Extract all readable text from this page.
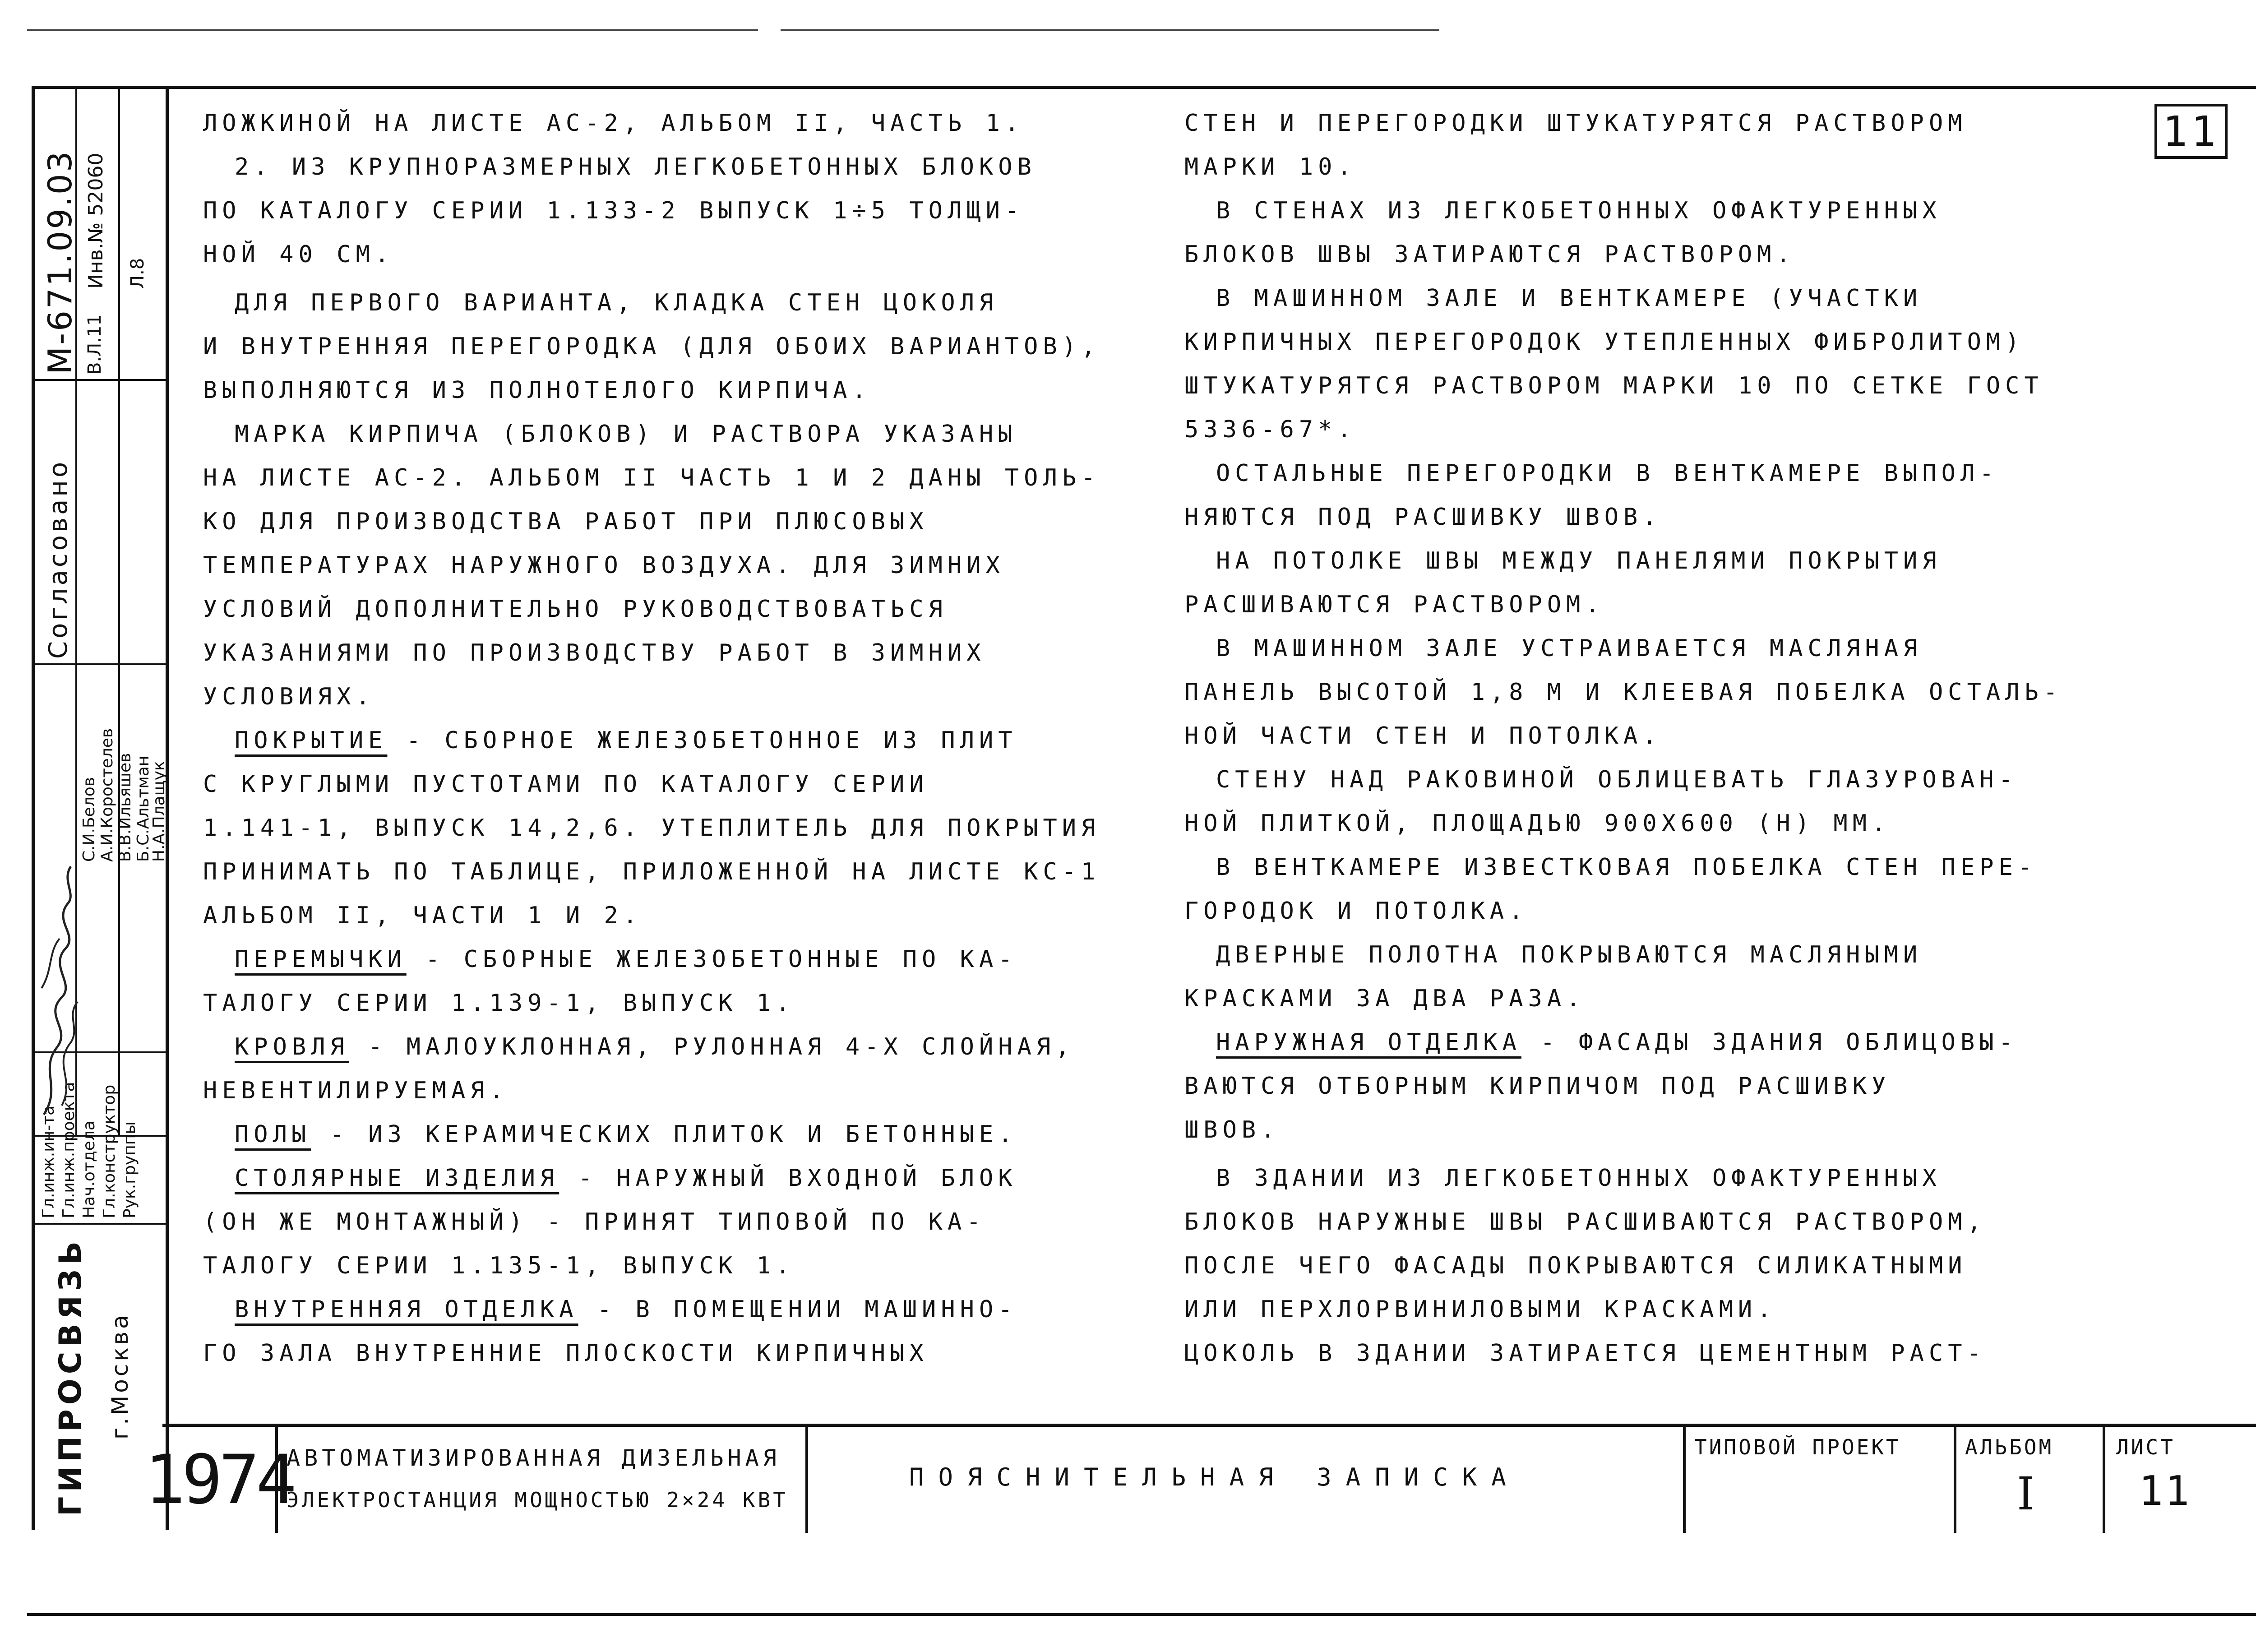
11
М-671.09.03 Инв.№ 52060
В.Л.11
Л.8
Согласовано
Гл.инж.ин-та Гл.инж.проекта Нач.отдела Гл.конструктор Рук.группы
С.И.Белов А.И.Коростелев В.В.Ильяшев Б.С.Альтман
Н.А.Плащук
ГИПРОСВЯЗЬ г.Москва

ЛОЖКИНОЙ НА ЛИСТЕ АС-2, АЛЬБОМ II, ЧАСТЬ 1.

2. ИЗ КРУПНОРАЗМЕРНЫХ ЛЕГКОБЕТОННЫХ БЛОКОВ

ПО КАТАЛОГУ СЕРИИ 1.133-2 ВЫПУСК 1÷5 ТОЛЩИ-

НОЙ 40 СМ.

ДЛЯ ПЕРВОГО ВАРИАНТА, КЛАДКА СТЕН ЦОКОЛЯ

И ВНУТРЕННЯЯ ПЕРЕГОРОДКА (ДЛЯ ОБОИХ ВАРИАНТОВ),

ВЫПОЛНЯЮТСЯ ИЗ ПОЛНОТЕЛОГО КИРПИЧА.

МАРКА КИРПИЧА (БЛОКОВ) И РАСТВОРА УКАЗАНЫ

НА ЛИСТЕ АС-2. АЛЬБОМ II ЧАСТЬ 1 И 2 ДАНЫ ТОЛЬ-

КО ДЛЯ ПРОИЗВОДСТВА РАБОТ ПРИ ПЛЮСОВЫХ

ТЕМПЕРАТУРАХ НАРУЖНОГО ВОЗДУХА. ДЛЯ ЗИМНИХ

УСЛОВИЙ ДОПОЛНИТЕЛЬНО РУКОВОДСТВОВАТЬСЯ

УКАЗАНИЯМИ ПО ПРОИЗВОДСТВУ РАБОТ В ЗИМНИХ

УСЛОВИЯХ.

ПОКРЫТИЕ - СБОРНОЕ ЖЕЛЕЗОБЕТОННОЕ ИЗ ПЛИТ

С КРУГЛЫМИ ПУСТОТАМИ ПО КАТАЛОГУ СЕРИИ

1.141-1, ВЫПУСК 14,2,6. УТЕПЛИТЕЛЬ ДЛЯ ПОКРЫТИЯ

ПРИНИМАТЬ ПО ТАБЛИЦЕ, ПРИЛОЖЕННОЙ НА ЛИСТЕ КС-1

АЛЬБОМ II, ЧАСТИ 1 И 2.

ПЕРЕМЫЧКИ - СБОРНЫЕ ЖЕЛЕЗОБЕТОННЫЕ ПО КА-

ТАЛОГУ СЕРИИ 1.139-1, ВЫПУСК 1.

КРОВЛЯ - МАЛОУКЛОННАЯ, РУЛОННАЯ 4-Х СЛОЙНАЯ,

НЕВЕНТИЛИРУЕМАЯ.

ПОЛЫ - ИЗ КЕРАМИЧЕСКИХ ПЛИТОК И БЕТОННЫЕ.

СТОЛЯРНЫЕ ИЗДЕЛИЯ - НАРУЖНЫЙ ВХОДНОЙ БЛОК

(ОН ЖЕ МОНТАЖНЫЙ) - ПРИНЯТ ТИПОВОЙ ПО КА-

ТАЛОГУ СЕРИИ 1.135-1, ВЫПУСК 1.

ВНУТРЕННЯЯ ОТДЕЛКА - В ПОМЕЩЕНИИ МАШИННО-

ГО ЗАЛА ВНУТРЕННИЕ ПЛОСКОСТИ КИРПИЧНЫХ

СТЕН И ПЕРЕГОРОДКИ ШТУКАТУРЯТСЯ РАСТВОРОМ

МАРКИ 10.

В СТЕНАХ ИЗ ЛЕГКОБЕТОННЫХ ОФАКТУРЕННЫХ

БЛОКОВ ШВЫ ЗАТИРАЮТСЯ РАСТВОРОМ.

В МАШИННОМ ЗАЛЕ И ВЕНТКАМЕРЕ (УЧАСТКИ

КИРПИЧНЫХ ПЕРЕГОРОДОК УТЕПЛЕННЫХ ФИБРОЛИТОМ)

ШТУКАТУРЯТСЯ РАСТВОРОМ МАРКИ 10 ПО СЕТКЕ ГОСТ

5336-67*.

ОСТАЛЬНЫЕ ПЕРЕГОРОДКИ В ВЕНТКАМЕРЕ ВЫПОЛ-

НЯЮТСЯ ПОД РАСШИВКУ ШВОВ.

НА ПОТОЛКЕ ШВЫ МЕЖДУ ПАНЕЛЯМИ ПОКРЫТИЯ

РАСШИВАЮТСЯ РАСТВОРОМ.

В МАШИННОМ ЗАЛЕ УСТРАИВАЕТСЯ МАСЛЯНАЯ

ПАНЕЛЬ ВЫСОТОЙ 1,8 М И КЛЕЕВАЯ ПОБЕЛКА ОСТАЛЬ-

НОЙ ЧАСТИ СТЕН И ПОТОЛКА.

СТЕНУ НАД РАКОВИНОЙ ОБЛИЦЕВАТЬ ГЛАЗУРОВАН-

НОЙ ПЛИТКОЙ, ПЛОЩАДЬЮ 900Х600 (H) ММ.

В ВЕНТКАМЕРЕ ИЗВЕСТКОВАЯ ПОБЕЛКА СТЕН ПЕРЕ-

ГОРОДОК И ПОТОЛКА.

ДВЕРНЫЕ ПОЛОТНА ПОКРЫВАЮТСЯ МАСЛЯНЫМИ

КРАСКАМИ ЗА ДВА РАЗА.

НАРУЖНАЯ ОТДЕЛКА - ФАСАДЫ ЗДАНИЯ ОБЛИЦОВЫ-

ВАЮТСЯ ОТБОРНЫМ КИРПИЧОМ ПОД РАСШИВКУ

ШВОВ.

В ЗДАНИИ ИЗ ЛЕГКОБЕТОННЫХ ОФАКТУРЕННЫХ

БЛОКОВ НАРУЖНЫЕ ШВЫ РАСШИВАЮТСЯ РАСТВОРОМ,

ПОСЛЕ ЧЕГО ФАСАДЫ ПОКРЫВАЮТСЯ СИЛИКАТНЫМИ

ИЛИ ПЕРХЛОРВИНИЛОВЫМИ КРАСКАМИ.

ЦОКОЛЬ В ЗДАНИИ ЗАТИРАЕТСЯ ЦЕМЕНТНЫМ РАСТ-

1974
АВТОМАТИЗИРОВАННАЯ ДИЗЕЛЬНАЯ
ЭЛЕКТРОСТАНЦИЯ МОЩНОСТЬЮ 2×24 КВТ
ПОЯСНИТЕЛЬНАЯ ЗАПИСКА
ТИПОВОЙ ПРОЕКТ	АЛЬБОМ
I
ЛИСТ
11
